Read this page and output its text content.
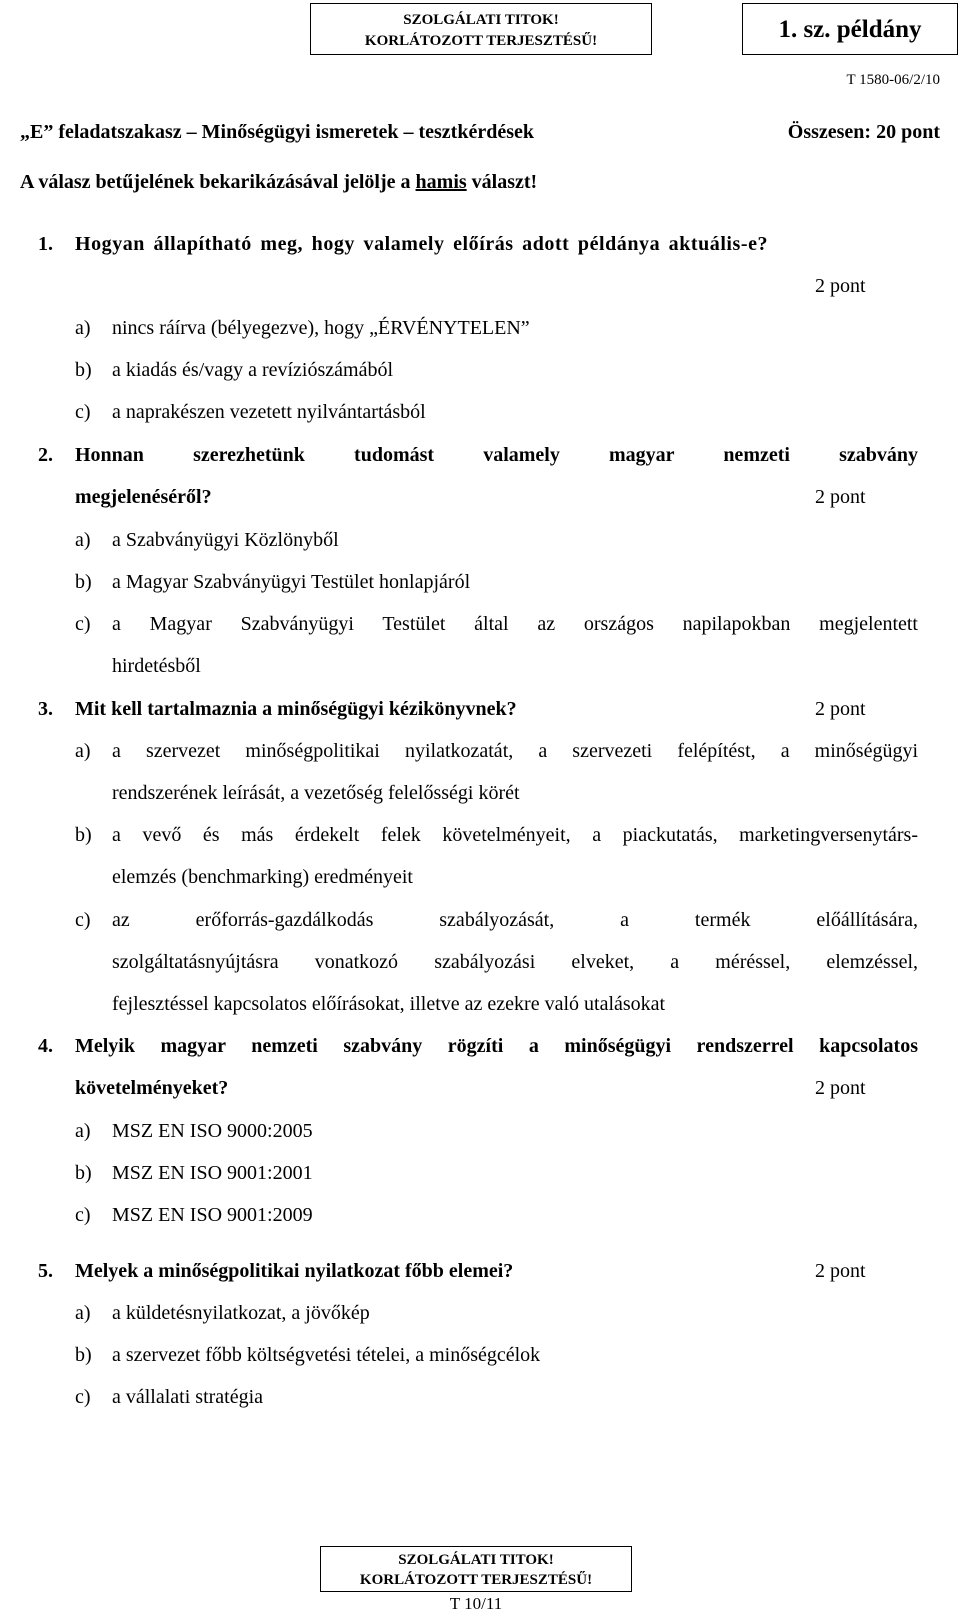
SZOLGÁLATI TITOK!
KORLÁTOZOTT TERJESZTÉSŰ!	1. sz. példány
T 1580-06/2/10
„E” feladatszakasz – Minőségügyi ismeretek – tesztkérdések	Összesen: 20 pont
A válasz betűjelének bekarikázásával jelölje a hamis választ!
1. Hogyan állapítható meg, hogy valamely előírás adott példánya aktuális-e?
2 pont
a) nincs ráírva (bélyegezve), hogy „ÉRVÉNYTELEN”
b) a kiadás és/vagy a revíziószámából
c) a naprakészen vezetett nyilvántartásból
2. Honnan szerezhetünk tudomást valamely magyar nemzeti szabvány
megjelenéséről?	2 pont
a) a Szabványügyi Közlönyből
b) a Magyar Szabványügyi Testület honlapjáról
c)	a Magyar Szabványügyi Testület által az országos napilapokban megjelentett
hirdetésből
3. Mit kell tartalmaznia a minőségügyi kézikönyvnek?	2 pont
a)	a szervezet minőségpolitikai nyilatkozatát, a szervezeti felépítést, a minőségügyi
rendszerének leírását, a vezetőség felelősségi körét
b)	a vevő és más érdekelt felek követelményeit, a piackutatás, marketingversenytárs-
elemzés (benchmarking) eredményeit
c)	az erőforrás-gazdálkodás szabályozását, a termék előállítására,
szolgáltatásnyújtásra vonatkozó szabályozási elveket, a méréssel, elemzéssel,
fejlesztéssel kapcsolatos előírásokat, illetve az ezekre való utalásokat
4. Melyik magyar nemzeti szabvány rögzíti a minőségügyi rendszerrel kapcsolatos
követelményeket?	2 pont
a) MSZ EN ISO 9000:2005
b) MSZ EN ISO 9001:2001
c) MSZ EN ISO 9001:2009
5. Melyek a minőségpolitikai nyilatkozat főbb elemei?	2 pont
a) a küldetésnyilatkozat, a jövőkép
b) a szervezet főbb költségvetési tételei, a minőségcélok
c) a vállalati stratégia
SZOLGÁLATI TITOK!
KORLÁTOZOTT TERJESZTÉSŰ!
T 10/11
